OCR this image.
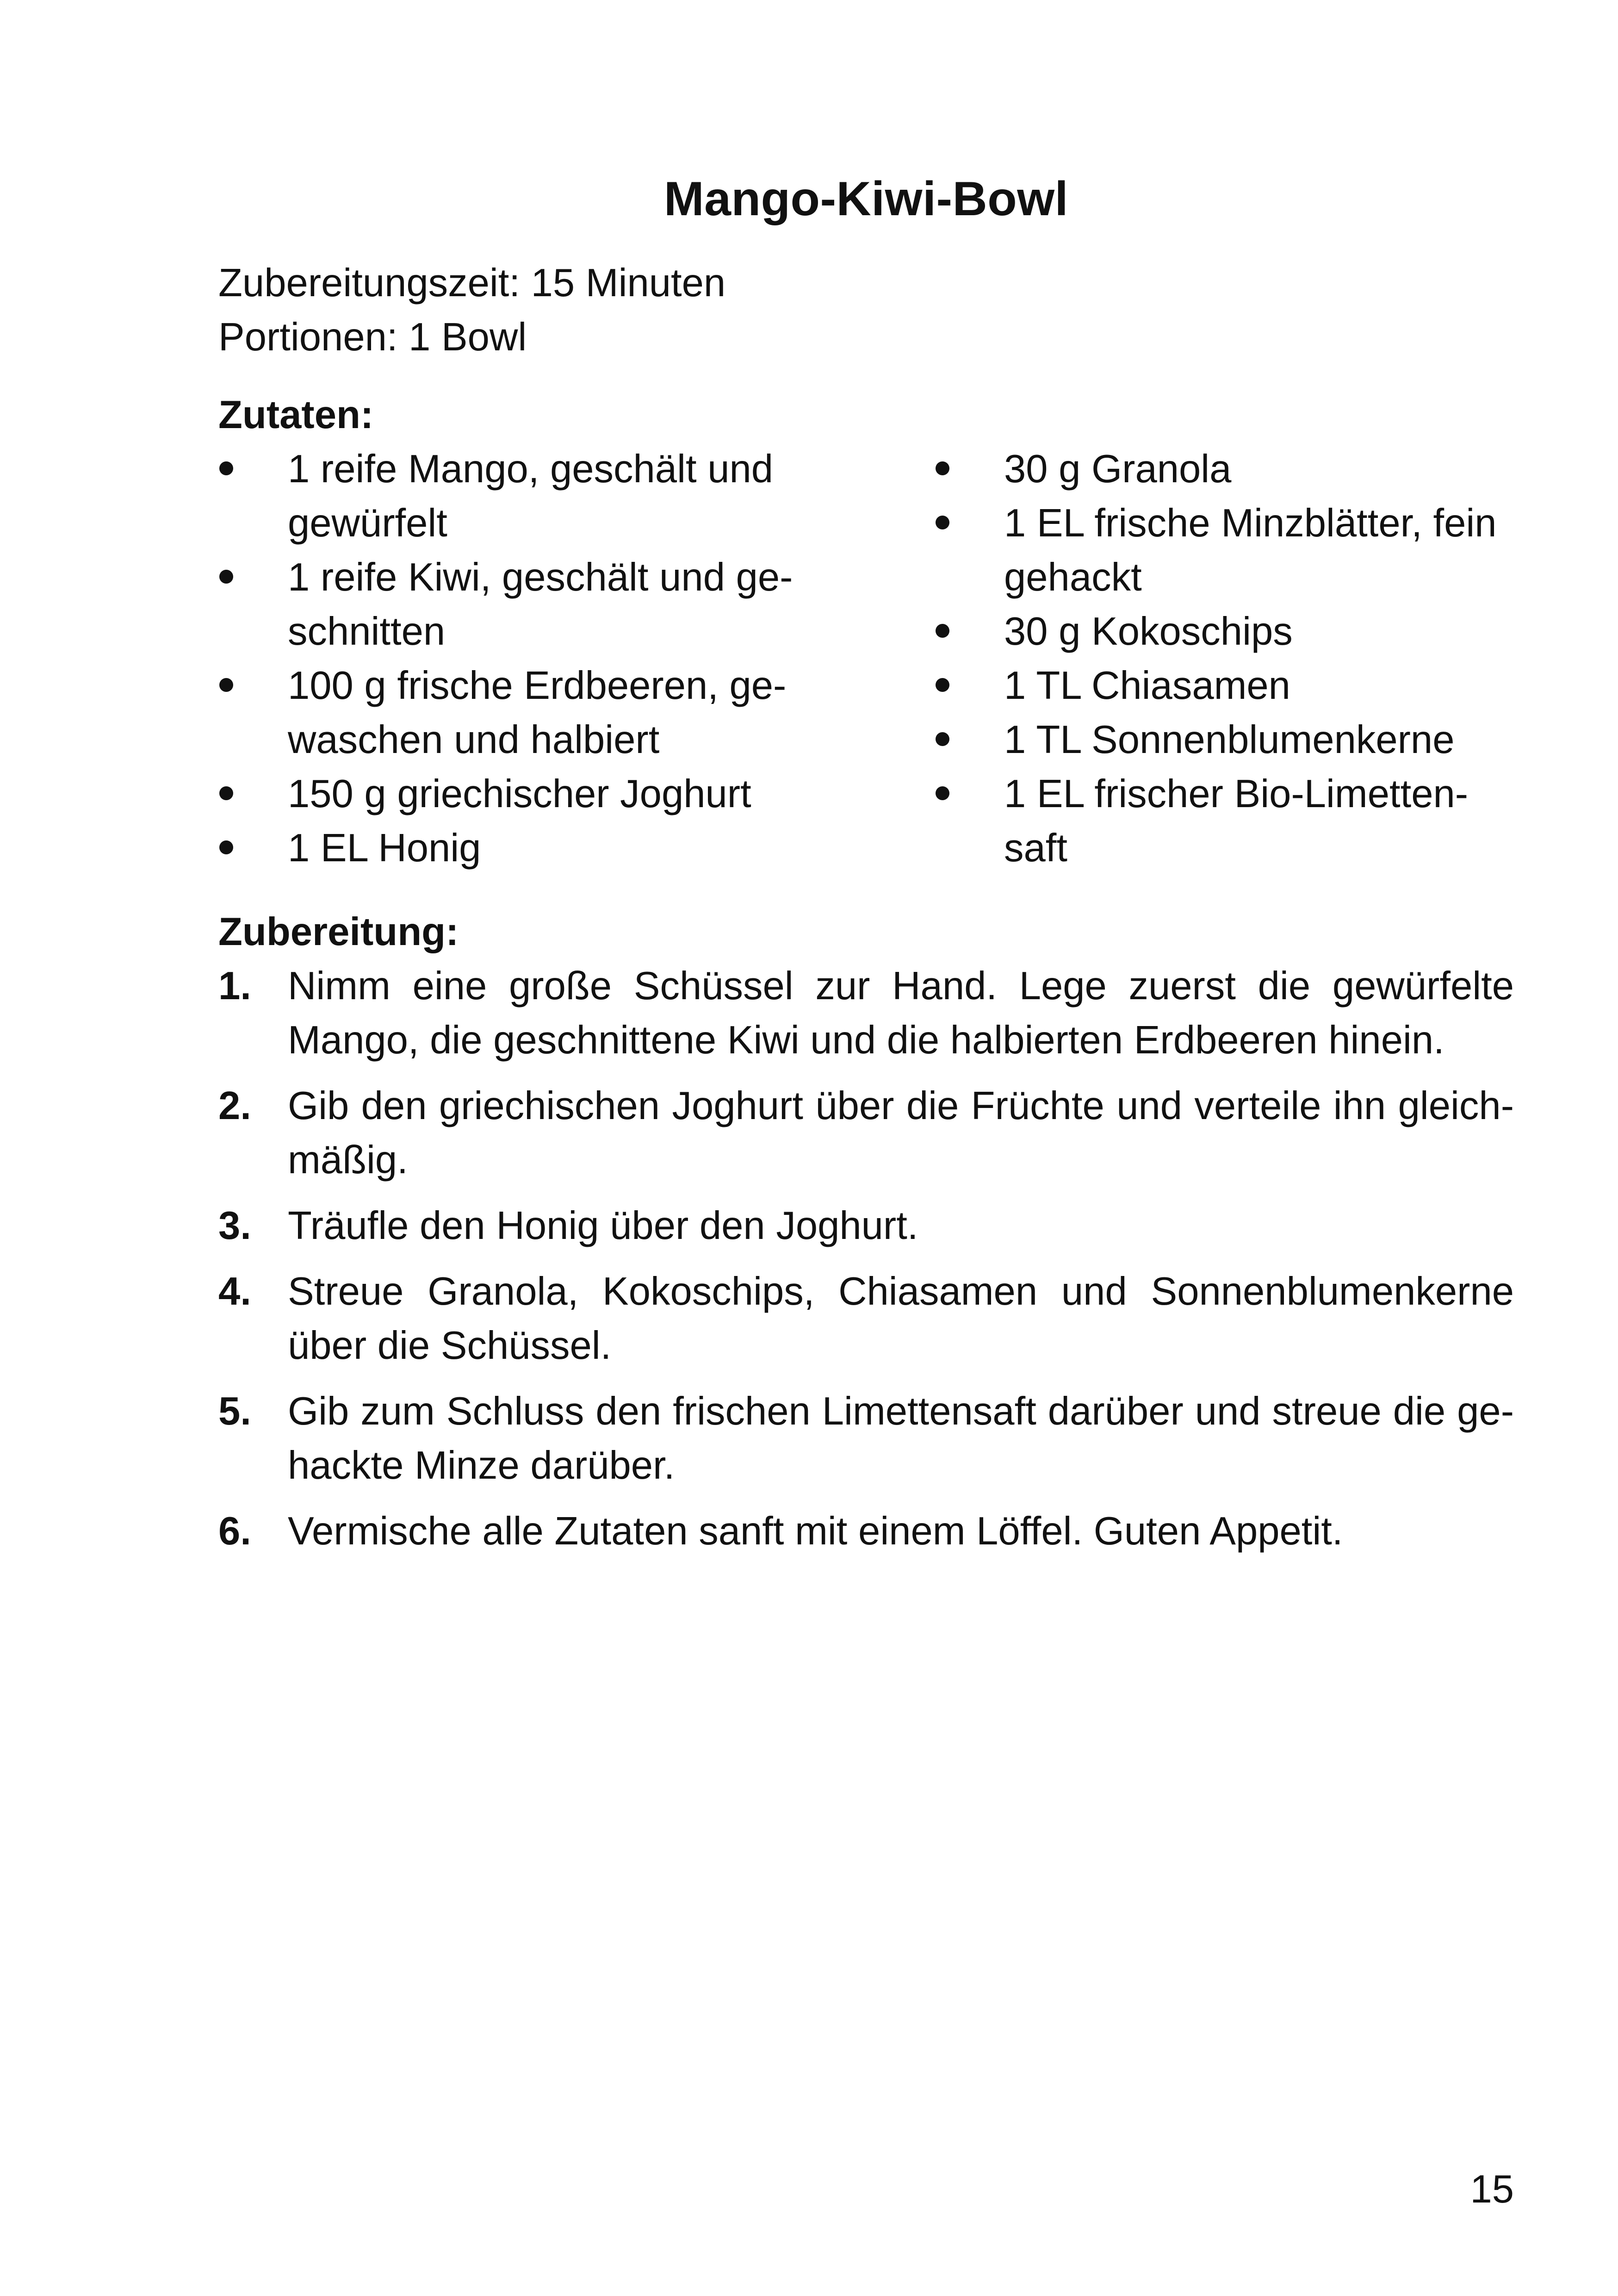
Mango-Kiwi-Bowl
Zubereitungszeit: 15 Minuten
Portionen: 1 Bowl
Zutaten:
1 reife Mango, geschält und gewürfelt
1 reife Kiwi, geschält und geschnitten
100 g frische Erdbeeren, gewaschen und halbiert
150 g griechischer Joghurt
1 EL Honig
30 g Granola
1 EL frische Minzblätter, fein gehackt
30 g Kokoschips
1 TL Chiasamen
1 TL Sonnenblumenkerne
1 EL frischer Bio-Limettensaft
Zubereitung:
1. Nimm eine große Schüssel zur Hand. Lege zuerst die gewürfelte Mango, die geschnittene Kiwi und die halbierten Erdbeeren hinein.
2. Gib den griechischen Joghurt über die Früchte und verteile ihn gleichmäßig.
3. Träufle den Honig über den Joghurt.
4. Streue Granola, Kokoschips, Chiasamen und Sonnenblumenkerne über die Schüssel.
5. Gib zum Schluss den frischen Limettensaft darüber und streue die gehackte Minze darüber.
6. Vermische alle Zutaten sanft mit einem Löffel. Guten Appetit.
15
